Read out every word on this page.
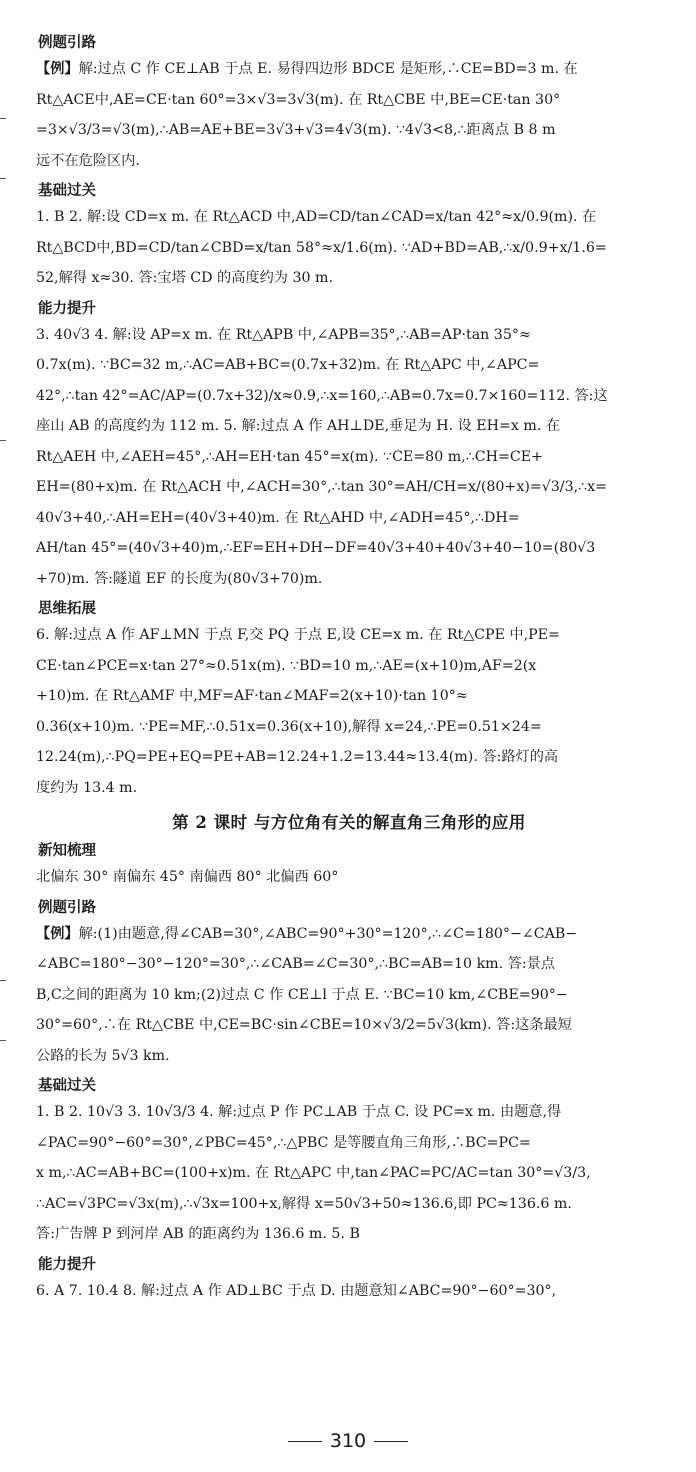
例题引路
【例】解:过点 C 作 CE⊥AB 于点 E. 易得四边形 BDCE 是矩形,∴CE=BD=3 m. 在
Rt△ACE中,AE=CE·tan 60°=3×√3=3√3(m). 在 Rt△CBE 中,BE=CE·tan 30°
=3×√3/3=√3(m),∴AB=AE+BE=3√3+√3=4√3(m). ∵4√3<8,∴距离点 B 8 m
远不在危险区内.
基础过关
1. B 2. 解:设 CD=x m. 在 Rt△ACD 中,AD=CD/tan∠CAD=x/tan 42°≈x/0.9(m). 在
Rt△BCD中,BD=CD/tan∠CBD=x/tan 58°≈x/1.6(m). ∵AD+BD=AB,∴x/0.9+x/1.6=
52,解得 x≈30. 答:宝塔 CD 的高度约为 30 m.
能力提升
3. 40√3 4. 解:设 AP=x m. 在 Rt△APB 中,∠APB=35°,∴AB=AP·tan 35°≈
0.7x(m). ∵BC=32 m,∴AC=AB+BC=(0.7x+32)m. 在 Rt△APC 中,∠APC=
42°,∴tan 42°=AC/AP=(0.7x+32)/x≈0.9,∴x=160,∴AB=0.7x=0.7×160=112. 答:这
座山 AB 的高度约为 112 m. 5. 解:过点 A 作 AH⊥DE,垂足为 H. 设 EH=x m. 在
Rt△AEH 中,∠AEH=45°,∴AH=EH·tan 45°=x(m). ∵CE=80 m,∴CH=CE+
EH=(80+x)m. 在 Rt△ACH 中,∠ACH=30°,∴tan 30°=AH/CH=x/(80+x)=√3/3,∴x=
40√3+40,∴AH=EH=(40√3+40)m. 在 Rt△AHD 中,∠ADH=45°,∴DH=
AH/tan 45°=(40√3+40)m,∴EF=EH+DH−DF=40√3+40+40√3+40−10=(80√3
+70)m. 答:隧道 EF 的长度为(80√3+70)m.
思维拓展
6. 解:过点 A 作 AF⊥MN 于点 F,交 PQ 于点 E,设 CE=x m. 在 Rt△CPE 中,PE=
CE·tan∠PCE=x·tan 27°≈0.51x(m). ∵BD=10 m,∴AE=(x+10)m,AF=2(x
+10)m. 在 Rt△AMF 中,MF=AF·tan∠MAF=2(x+10)·tan 10°≈
0.36(x+10)m. ∵PE=MF,∴0.51x=0.36(x+10),解得 x=24,∴PE=0.51×24=
12.24(m),∴PQ=PE+EQ=PE+AB=12.24+1.2=13.44≈13.4(m). 答:路灯的高
度约为 13.4 m.
第 2 课时 与方位角有关的解直角三角形的应用
新知梳理
北偏东 30° 南偏东 45° 南偏西 80° 北偏西 60°
例题引路
【例】解:(1)由题意,得∠CAB=30°,∠ABC=90°+30°=120°,∴∠C=180°−∠CAB−
∠ABC=180°−30°−120°=30°,∴∠CAB=∠C=30°,∴BC=AB=10 km. 答:景点
B,C之间的距离为 10 km;(2)过点 C 作 CE⊥l 于点 E. ∵BC=10 km,∠CBE=90°−
30°=60°,∴在 Rt△CBE 中,CE=BC·sin∠CBE=10×√3/2=5√3(km). 答:这条最短
公路的长为 5√3 km.
基础过关
1. B 2. 10√3 3. 10√3/3 4. 解:过点 P 作 PC⊥AB 于点 C. 设 PC=x m. 由题意,得
∠PAC=90°−60°=30°,∠PBC=45°,∴△PBC 是等腰直角三角形,∴BC=PC=
x m,∴AC=AB+BC=(100+x)m. 在 Rt△APC 中,tan∠PAC=PC/AC=tan 30°=√3/3,
∴AC=√3PC=√3x(m),∴√3x=100+x,解得 x=50√3+50≈136.6,即 PC≈136.6 m.
答:广告牌 P 到河岸 AB 的距离约为 136.6 m. 5. B
能力提升
6. A 7. 10.4 8. 解:过点 A 作 AD⊥BC 于点 D. 由题意知∠ABC=90°−60°=30°,
310
